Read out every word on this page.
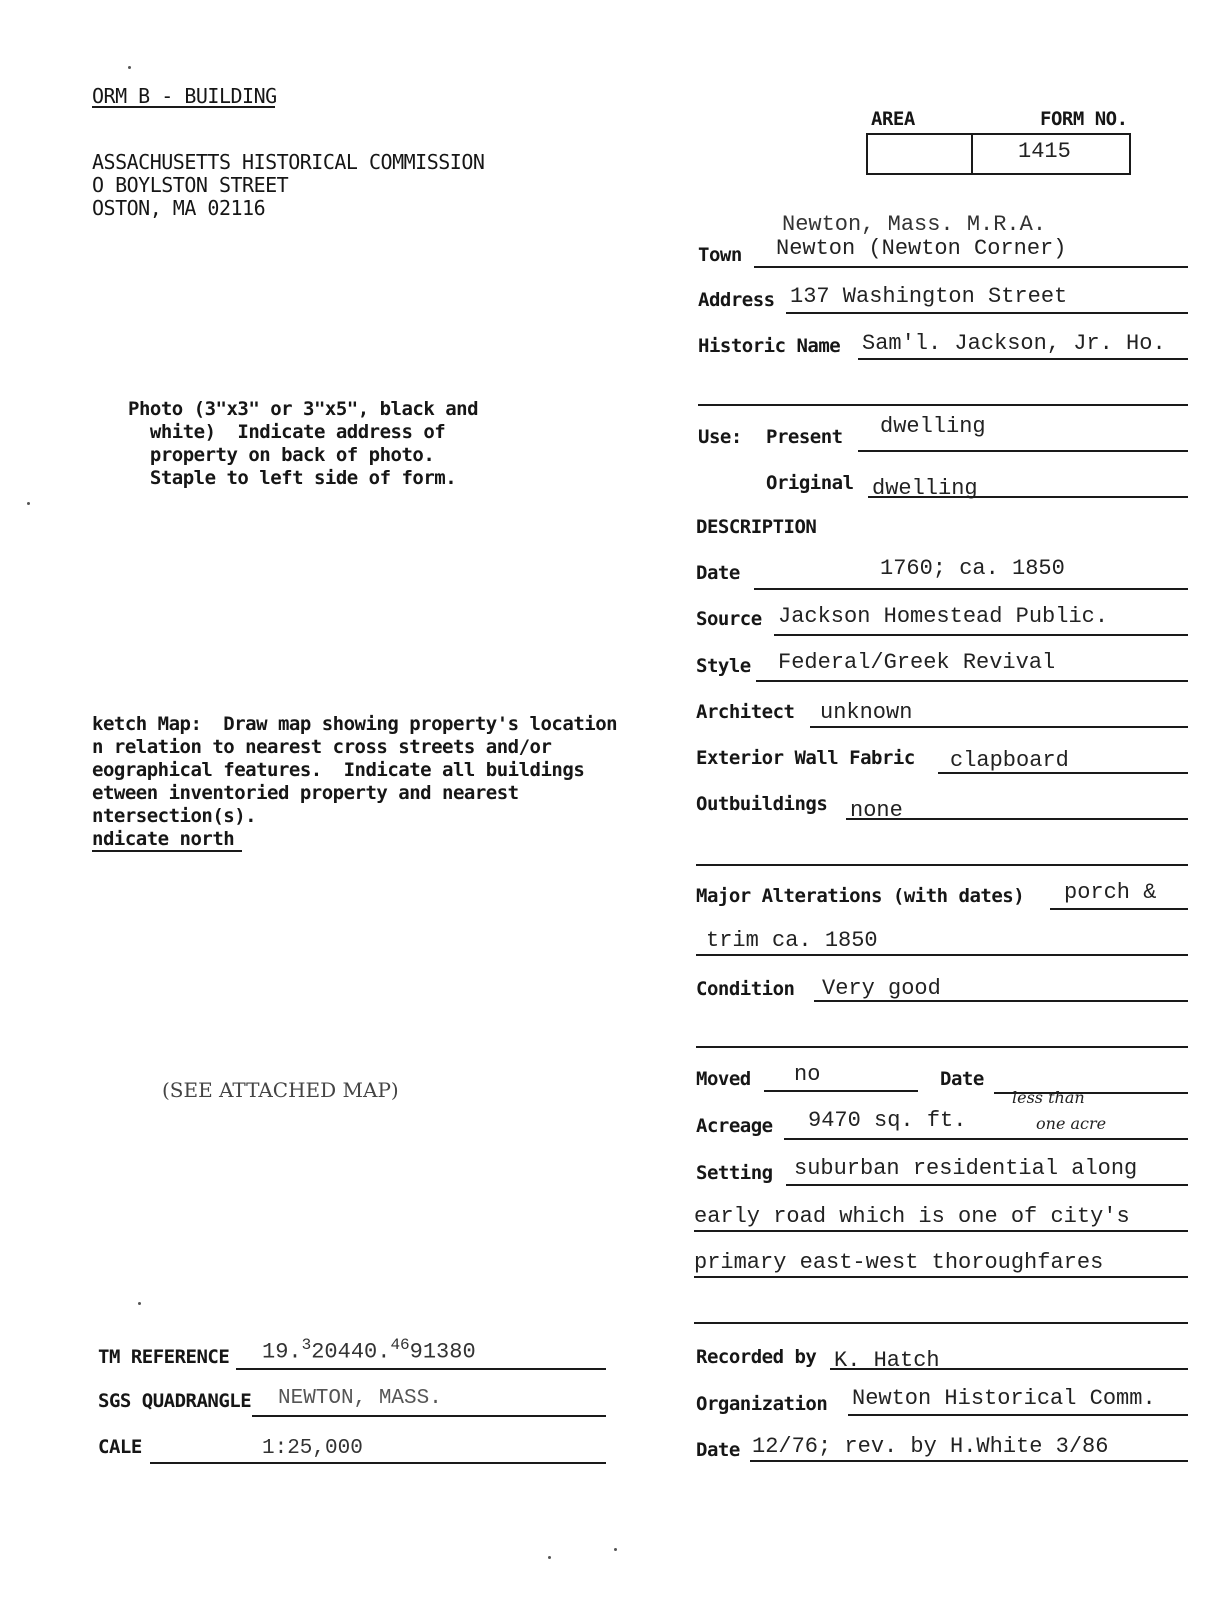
ORM B - BUILDING
ASSACHUSETTS HISTORICAL COMMISSION
O BOYLSTON STREET
OSTON, MA 02116
Photo (3"x3" or 3"x5", black and
white)  Indicate address of
property on back of photo.
Staple to left side of form.
ketch Map:  Draw map showing property's location
n relation to nearest cross streets and/or
eographical features.  Indicate all buildings
etween inventoried property and nearest
ntersection(s).
ndicate north
(SEE ATTACHED MAP)
TM REFERENCE 19.$^3$20440.4691380
SGS QUADRANGLE NEWTON, MASS.
CALE	1:25,000
AREA	FORM NO.
1415
Newton, Mass. M.R.A.
Town Newton (Newton Corner)
Address 137 Washington Street
Historic Name Sam'l. Jackson, Jr. Ho.
Use: Present dwelling
Original dwelling
DESCRIPTION
Date	1760; ca. 1850
Source Jackson Homestead Public.
Style Federal/Greek Revival
Architect unknown
Exterior Wall Fabric clapboard
Outbuildings none
Major Alterations (with dates) porch &
trim ca. 1850
Condition Very good
Moved no	Date
Acreage 9470 sq. ft.
less than
one acre
Setting suburban residential along
early road which is one of city's
primary east-west thoroughfares
Recorded by K. Hatch
Organization Newton Historical Comm.
Date 12/76; rev. by H.White 3/86
